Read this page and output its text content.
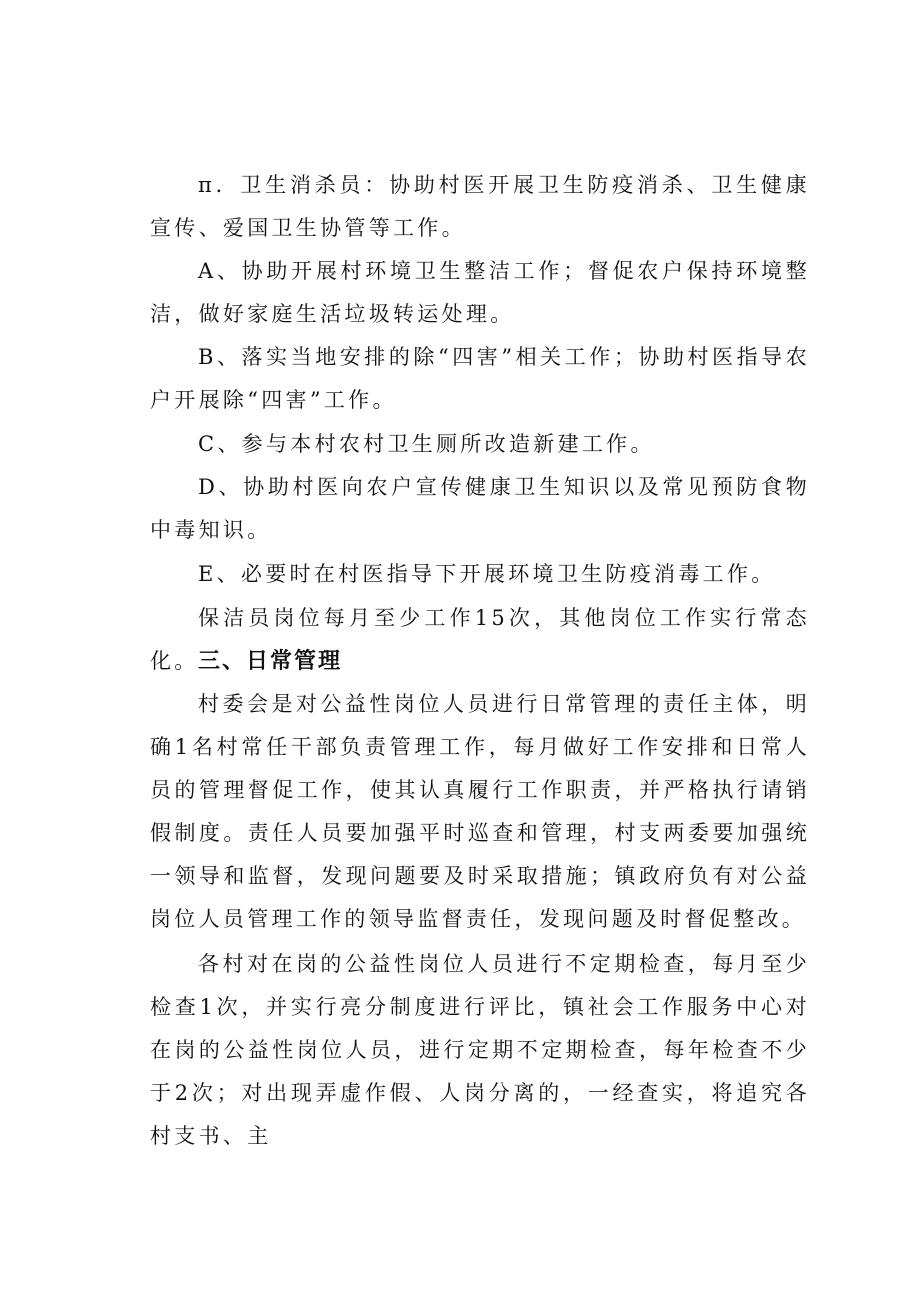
π．卫生消杀员：协助村医开展卫生防疫消杀、卫生健康宣传、爱国卫生协管等工作。

A、协助开展村环境卫生整洁工作；督促农户保持环境整洁，做好家庭生活垃圾转运处理。

B、落实当地安排的除“四害”相关工作；协助村医指导农户开展除“四害”工作。

C、参与本村农村卫生厕所改造新建工作。

D、协助村医向农户宣传健康卫生知识以及常见预防食物中毒知识。

E、必要时在村医指导下开展环境卫生防疫消毒工作。

保洁员岗位每月至少工作15次，其他岗位工作实行常态化。 三、日常管理

村委会是对公益性岗位人员进行日常管理的责任主体，明确1名村常任干部负责管理工作，每月做好工作安排和日常人员的管理督促工作，使其认真履行工作职责，并严格执行请销假制度。责任人员要加强平时巡查和管理，村支两委要加强统一领导和监督，发现问题要及时采取措施；镇政府负有对公益岗位人员管理工作的领导监督责任，发现问题及时督促整改。

各村对在岗的公益性岗位人员进行不定期检查，每月至少检查1次，并实行亮分制度进行评比，镇社会工作服务中心对在岗的公益性岗位人员，进行定期不定期检查，每年检查不少于2次；对出现弄虚作假、人岗分离的，一经查实，将追究各村支书、主
